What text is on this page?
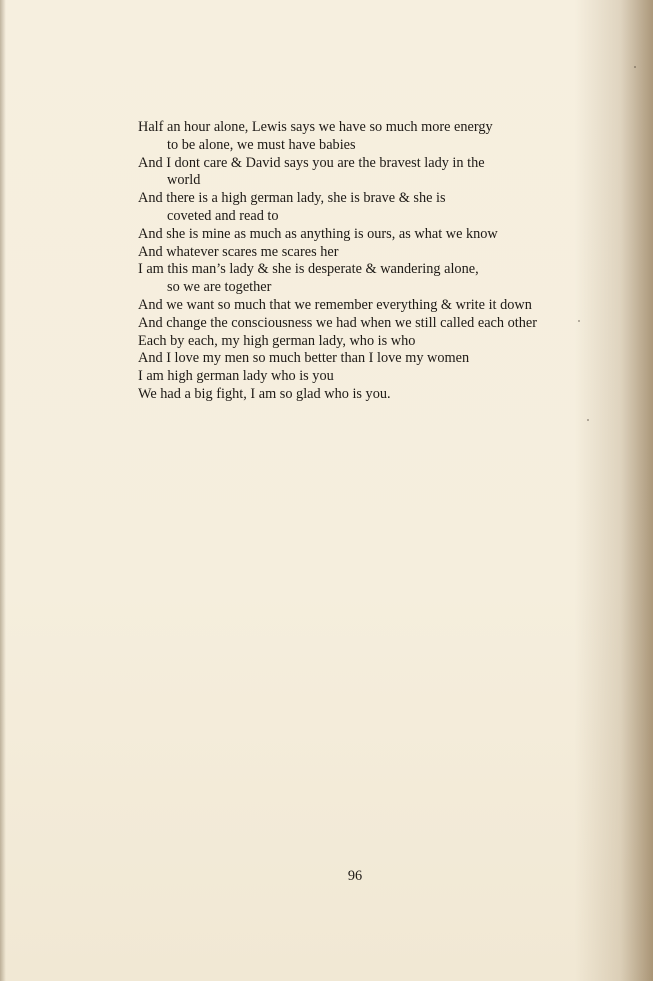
Half an hour alone, Lewis says we have so much more energy
to be alone, we must have babies
And I dont care & David says you are the bravest lady in the
world
And there is a high german lady, she is brave & she is
coveted and read to
And she is mine as much as anything is ours, as what we know
And whatever scares me scares her
I am this man’s lady & she is desperate & wandering alone,
so we are together
And we want so much that we remember everything & write it down
And change the consciousness we had when we still called each other
Each by each, my high german lady, who is who
And I love my men so much better than I love my women
I am high german lady who is you
We had a big fight, I am so glad who is you.
96
